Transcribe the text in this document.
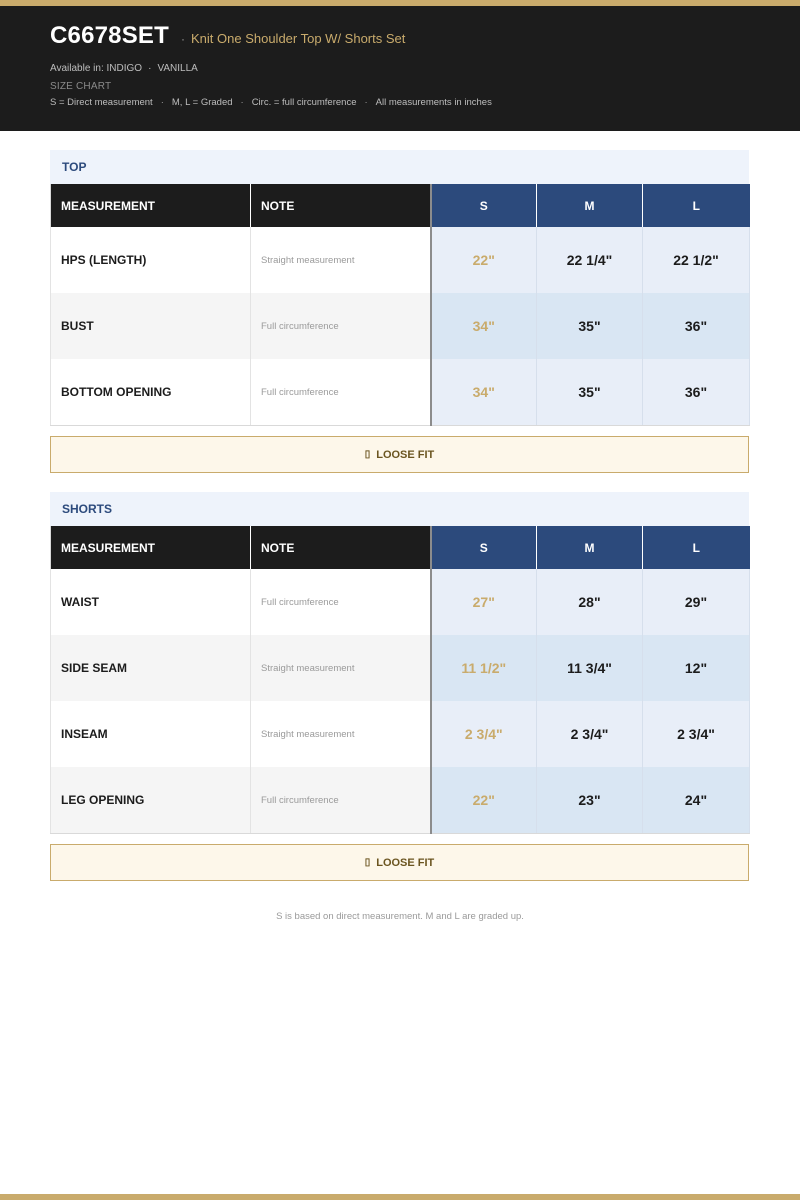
C6678SET · Knit One Shoulder Top W/ Shorts Set
Available in: INDIGO · VANILLA
SIZE CHART
S = Direct measurement · M, L = Graded · Circ. = full circumference · All measurements in inches
TOP
MEASUREMENT	NOTE	S	M	L
HPS (LENGTH)	Straight measurement	22"	22 1/4"	22 1/2"
BUST	Full circumference	34"	35"	36"
BOTTOM OPENING	Full circumference	34"	35"	36"
▯ LOOSE FIT
SHORTS
MEASUREMENT	NOTE	S	M	L
WAIST	Full circumference	27"	28"	29"
SIDE SEAM	Straight measurement	11 1/2"	11 3/4"	12"
INSEAM	Straight measurement	2 3/4"	2 3/4"	2 3/4"
LEG OPENING	Full circumference	22"	23"	24"
▯ LOOSE FIT
S is based on direct measurement. M and L are graded up.
